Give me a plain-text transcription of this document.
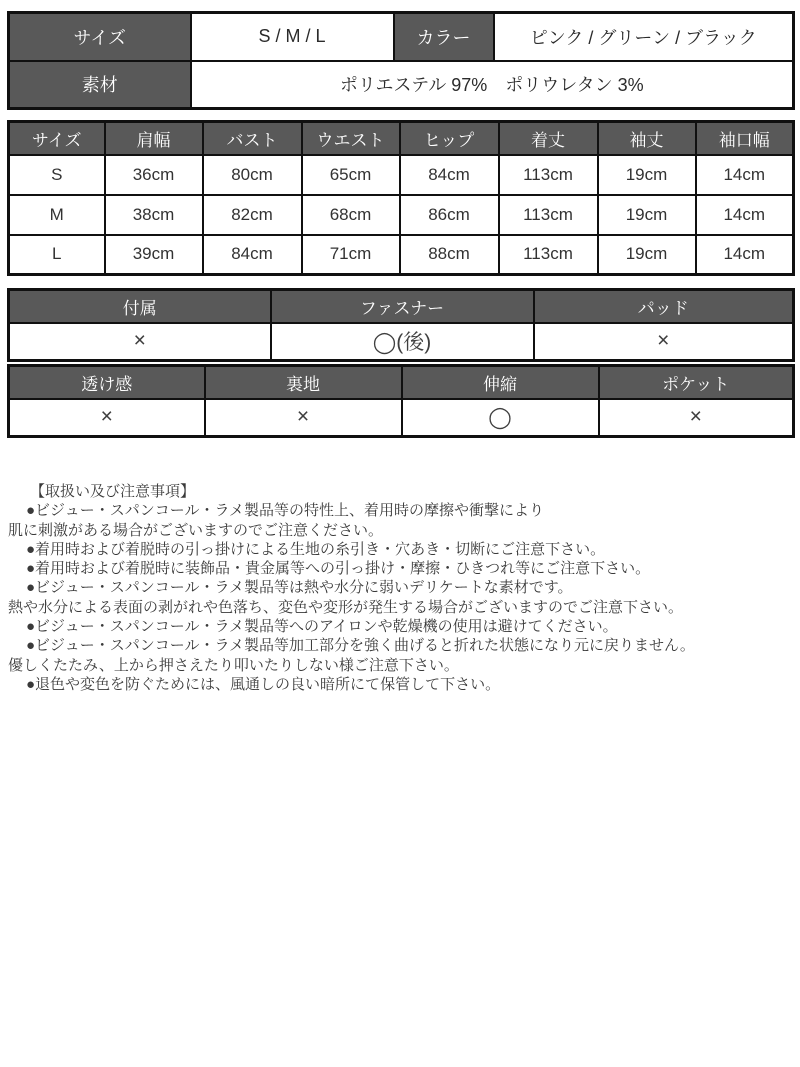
サイズ	S / M / L	カラー	ピンク / グリーン / ブラック
素材	ポリエステル 97%　ポリウレタン 3%		
サイズ	肩幅	バスト	ウエスト	ヒップ	着丈	袖丈	袖口幅
S	36cm	80cm	65cm	84cm	113cm	19cm	14cm
M	38cm	82cm	68cm	86cm	113cm	19cm	14cm
L	39cm	84cm	71cm	88cm	113cm	19cm	14cm
付属	ファスナー	パッド
×	◯(後)	×
透け感	裏地	伸縮	ポケット
×	×	◯	×
【取扱い及び注意事項】
●ビジュー・スパンコール・ラメ製品等の特性上、着用時の摩擦や衝撃により
肌に刺激がある場合がございますのでご注意ください。
●着用時および着脱時の引っ掛けによる生地の糸引き・穴あき・切断にご注意下さい。
●着用時および着脱時に装飾品・貴金属等への引っ掛け・摩擦・ひきつれ等にご注意下さい。
●ビジュー・スパンコール・ラメ製品等は熱や水分に弱いデリケートな素材です。
熱や水分による表面の剥がれや色落ち、変色や変形が発生する場合がございますのでご注意下さい。
●ビジュー・スパンコール・ラメ製品等へのアイロンや乾燥機の使用は避けてください。
●ビジュー・スパンコール・ラメ製品等加工部分を強く曲げると折れた状態になり元に戻りません。
優しくたたみ、上から押さえたり叩いたりしない様ご注意下さい。
●退色や変色を防ぐためには、風通しの良い暗所にて保管して下さい。
